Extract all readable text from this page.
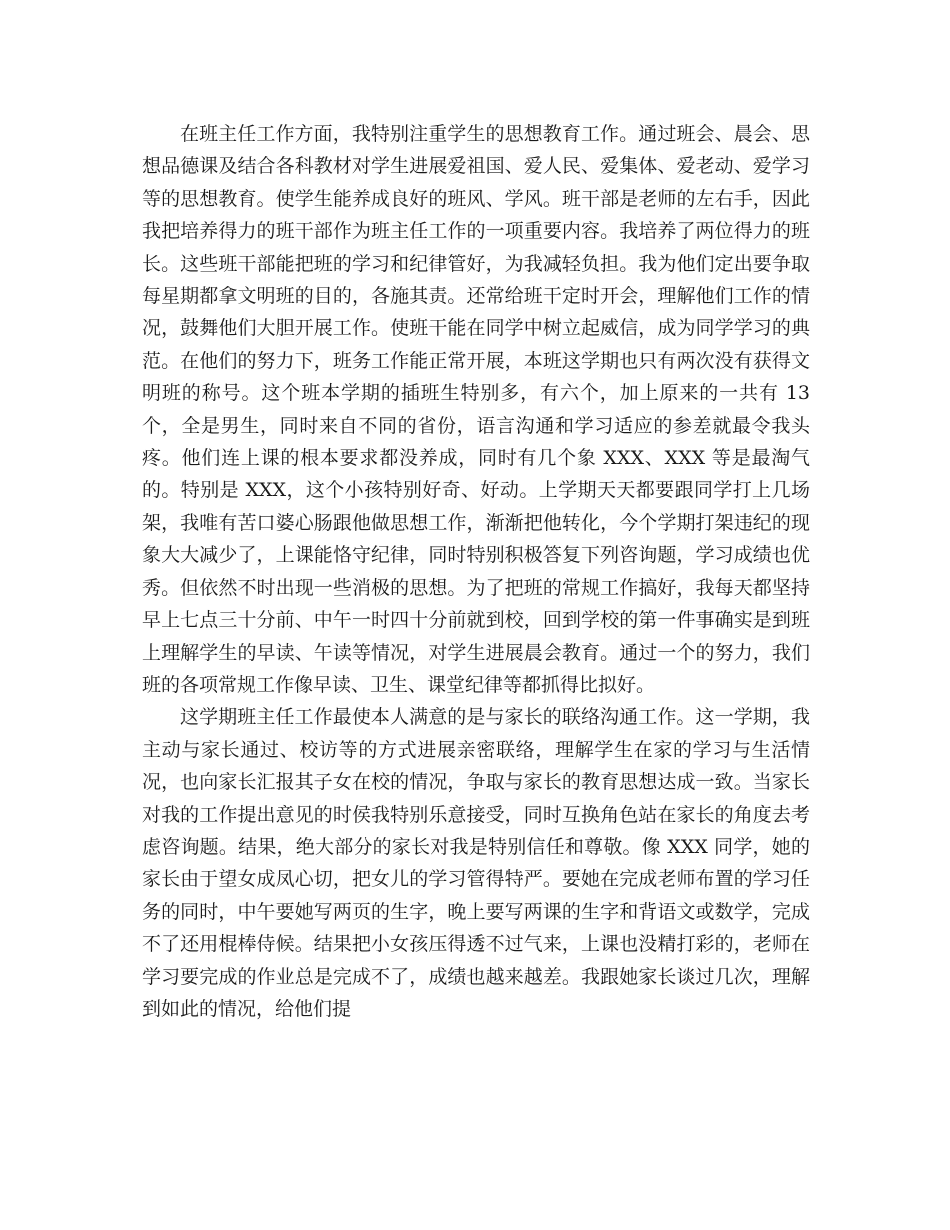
在班主任工作方面，我特别注重学生的思想教育工作。通过班会、晨会、思想品德课及结合各科教材对学生进展爱祖国、爱人民、爱集体、爱老动、爱学习等的思想教育。使学生能养成良好的班风、学风。班干部是老师的左右手，因此我把培养得力的班干部作为班主任工作的一项重要内容。我培养了两位得力的班长。这些班干部能把班的学习和纪律管好，为我减轻负担。我为他们定出要争取每星期都拿文明班的目的，各施其责。还常给班干定时开会，理解他们工作的情况，鼓舞他们大胆开展工作。使班干能在同学中树立起威信，成为同学学习的典范。在他们的努力下，班务工作能正常开展，本班这学期也只有两次没有获得文明班的称号。这个班本学期的插班生特别多，有六个，加上原来的一共有 13 个，全是男生，同时来自不同的省份，语言沟通和学习适应的参差就最令我头疼。他们连上课的根本要求都没养成，同时有几个象 XXX、XXX 等是最淘气的。特别是 XXX，这个小孩特别好奇、好动。上学期天天都要跟同学打上几场架，我唯有苦口婆心肠跟他做思想工作，渐渐把他转化，今个学期打架违纪的现象大大减少了，上课能恪守纪律，同时特别积极答复下列咨询题，学习成绩也优秀。但依然不时出现一些消极的思想。为了把班的常规工作搞好，我每天都坚持早上七点三十分前、中午一时四十分前就到校，回到学校的第一件事确实是到班上理解学生的早读、午读等情况，对学生进展晨会教育。通过一个的努力，我们班的各项常规工作像早读、卫生、课堂纪律等都抓得比拟好。

这学期班主任工作最使本人满意的是与家长的联络沟通工作。这一学期，我主动与家长通过、校访等的方式进展亲密联络，理解学生在家的学习与生活情况，也向家长汇报其子女在校的情况，争取与家长的教育思想达成一致。当家长对我的工作提出意见的时侯我特别乐意接受，同时互换角色站在家长的角度去考虑咨询题。结果，绝大部分的家长对我是特别信任和尊敬。像 XXX 同学，她的家长由于望女成凤心切，把女儿的学习管得特严。要她在完成老师布置的学习任务的同时，中午要她写两页的生字，晚上要写两课的生字和背语文或数学，完成不了还用棍棒侍候。结果把小女孩压得透不过气来，上课也没精打彩的，老师在学习要完成的作业总是完成不了，成绩也越来越差。我跟她家长谈过几次，理解到如此的情况，给他们提
